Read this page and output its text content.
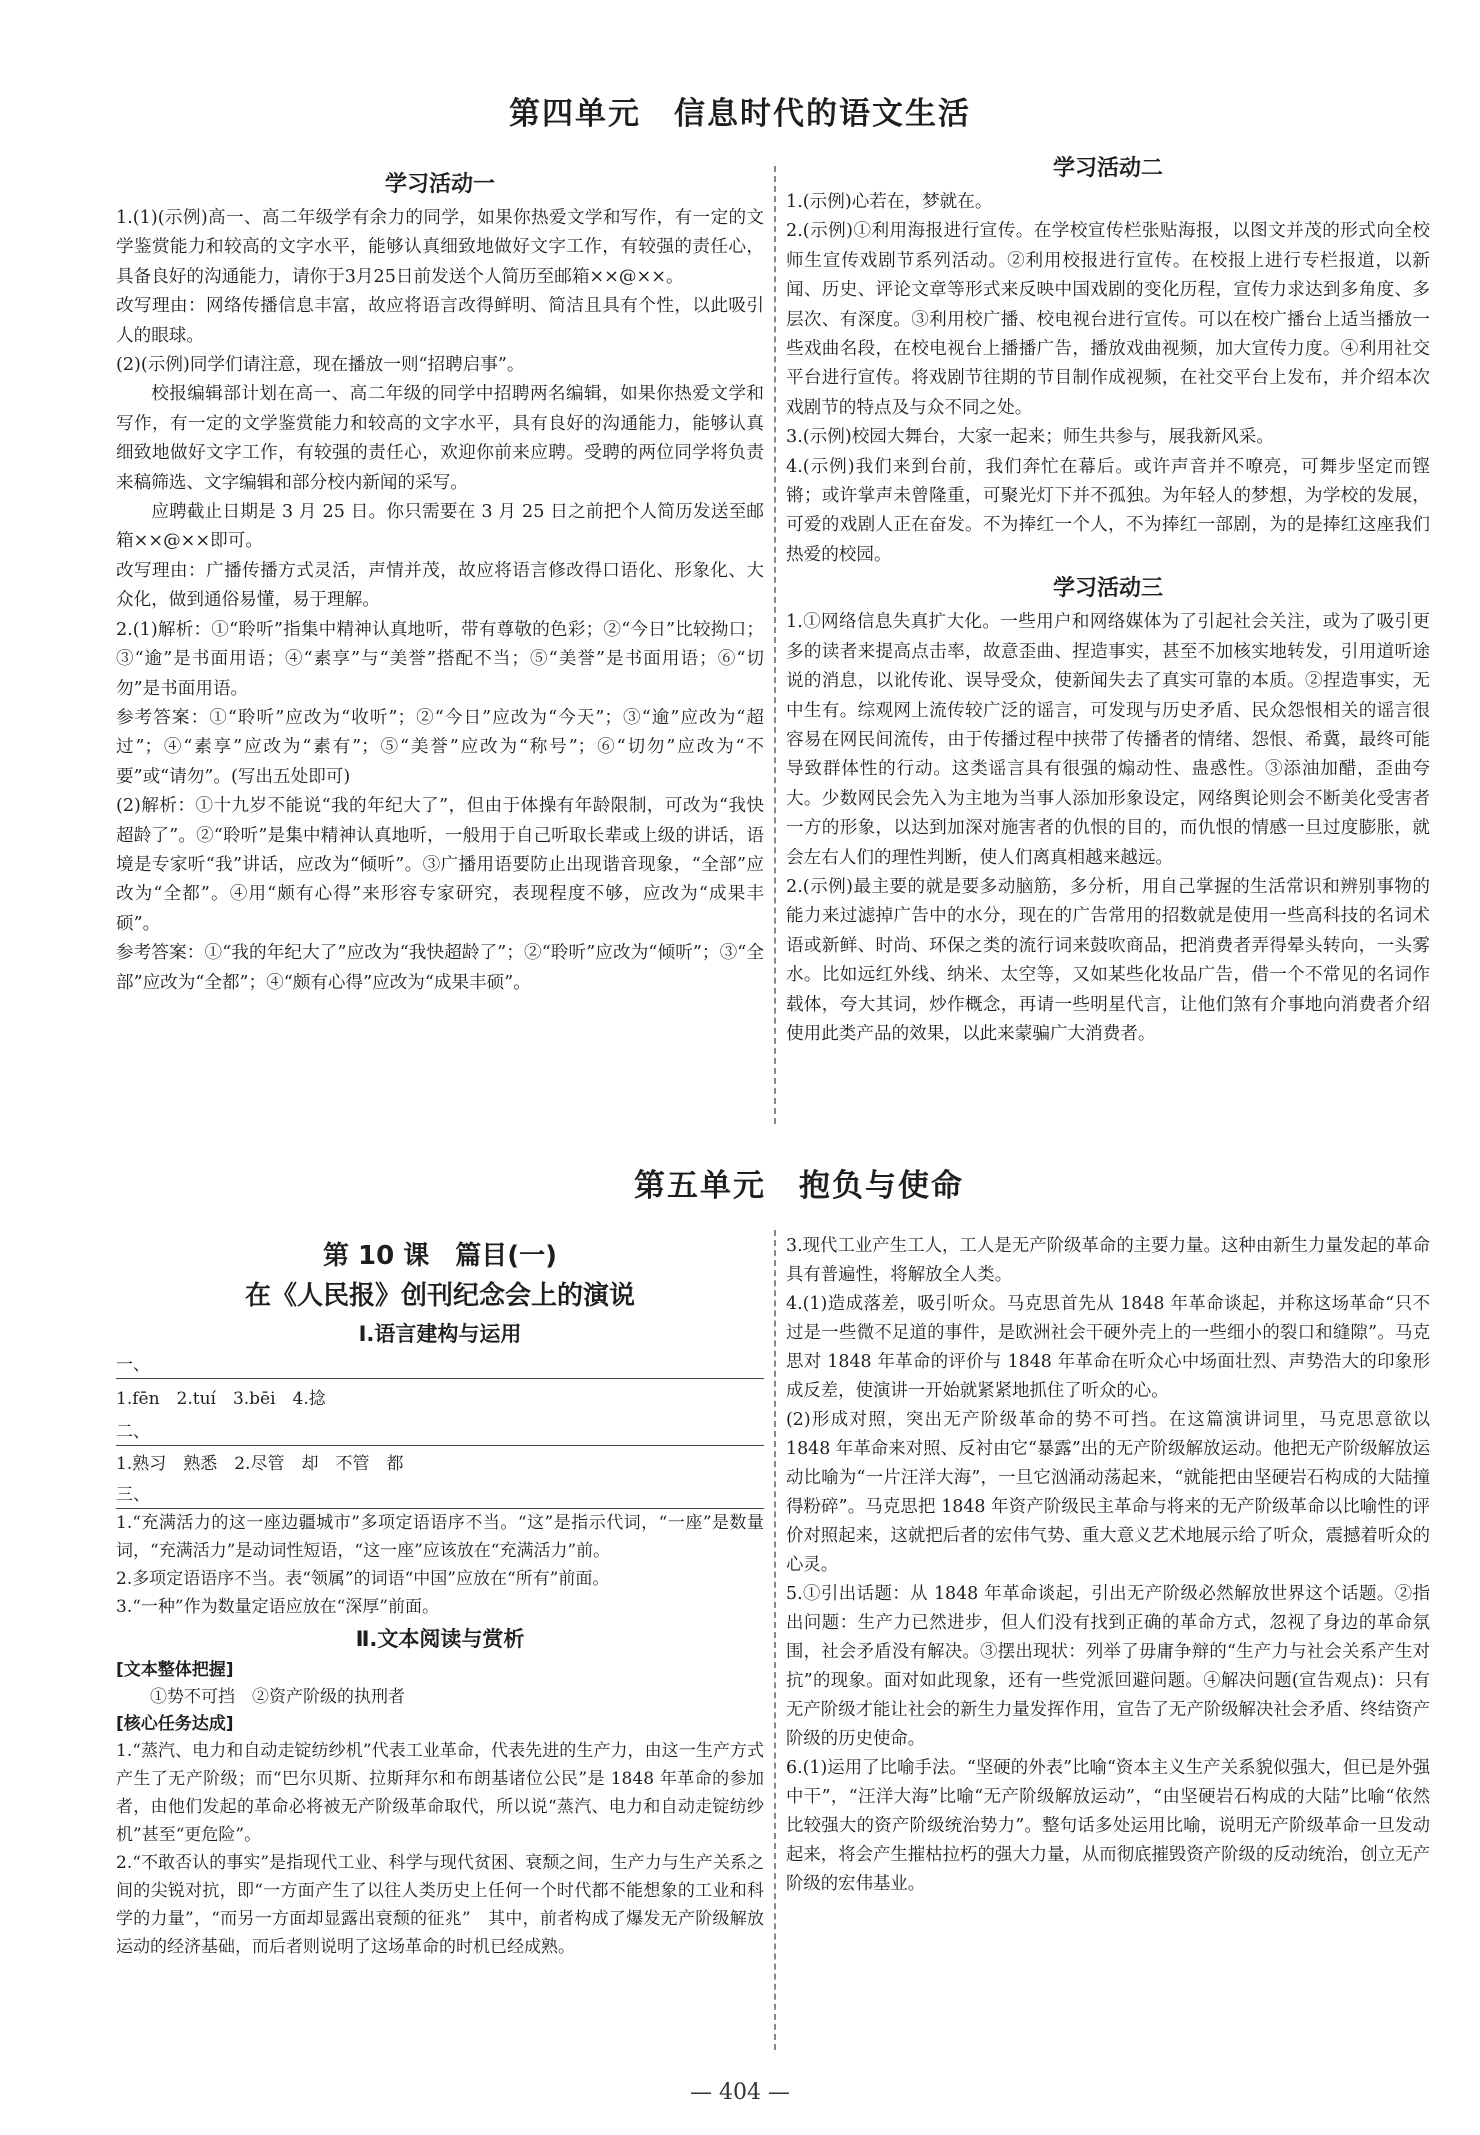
第四单元　信息时代的语文生活
学习活动一

1.(1)(示例)高一、高二年级学有余力的同学，如果你热爱文学和写作，有一定的文学鉴赏能力和较高的文字水平，能够认真细致地做好文字工作，有较强的责任心，具备良好的沟通能力，请你于3月25日前发送个人简历至邮箱××@××。

改写理由：网络传播信息丰富，故应将语言改得鲜明、简洁且具有个性，以此吸引人的眼球。

(2)(示例)同学们请注意，现在播放一则“招聘启事”。

校报编辑部计划在高一、高二年级的同学中招聘两名编辑，如果你热爱文学和写作，有一定的文学鉴赏能力和较高的文字水平，具有良好的沟通能力，能够认真细致地做好文字工作，有较强的责任心，欢迎你前来应聘。受聘的两位同学将负责来稿筛选、文字编辑和部分校内新闻的采写。

应聘截止日期是 3 月 25 日。你只需要在 3 月 25 日之前把个人简历发送至邮箱××@××即可。

改写理由：广播传播方式灵活，声情并茂，故应将语言修改得口语化、形象化、大众化，做到通俗易懂，易于理解。

2.(1)解析：①“聆听”指集中精神认真地听，带有尊敬的色彩；②“今日”比较拗口；③“逾”是书面用语；④“素享”与“美誉”搭配不当；⑤“美誉”是书面用语；⑥“切勿”是书面用语。

参考答案：①“聆听”应改为“收听”；②“今日”应改为“今天”；③“逾”应改为“超过”；④“素享”应改为“素有”；⑤“美誉”应改为“称号”；⑥“切勿”应改为“不要”或“请勿”。(写出五处即可)

(2)解析：①十九岁不能说“我的年纪大了”，但由于体操有年龄限制，可改为“我快超龄了”。②“聆听”是集中精神认真地听，一般用于自己听取长辈或上级的讲话，语境是专家听“我”讲话，应改为“倾听”。③广播用语要防止出现谐音现象，“全部”应改为“全都”。④用“颇有心得”来形容专家研究，表现程度不够，应改为“成果丰硕”。

参考答案：①“我的年纪大了”应改为“我快超龄了”；②“聆听”应改为“倾听”；③“全部”应改为“全都”；④“颇有心得”应改为“成果丰硕”。

学习活动二

1.(示例)心若在，梦就在。

2.(示例)①利用海报进行宣传。在学校宣传栏张贴海报，以图文并茂的形式向全校师生宣传戏剧节系列活动。②利用校报进行宣传。在校报上进行专栏报道，以新闻、历史、评论文章等形式来反映中国戏剧的变化历程，宣传力求达到多角度、多层次、有深度。③利用校广播、校电视台进行宣传。可以在校广播台上适当播放一些戏曲名段，在校电视台上播播广告，播放戏曲视频，加大宣传力度。④利用社交平台进行宣传。将戏剧节往期的节目制作成视频，在社交平台上发布，并介绍本次戏剧节的特点及与众不同之处。

3.(示例)校园大舞台，大家一起来；师生共参与，展我新风采。

4.(示例)我们来到台前，我们奔忙在幕后。或许声音并不嘹亮，可舞步坚定而铿锵；或许掌声未曾隆重，可聚光灯下并不孤独。为年轻人的梦想，为学校的发展，可爱的戏剧人正在奋发。不为捧红一个人，不为捧红一部剧，为的是捧红这座我们热爱的校园。

学习活动三

1.①网络信息失真扩大化。一些用户和网络媒体为了引起社会关注，或为了吸引更多的读者来提高点击率，故意歪曲、捏造事实，甚至不加核实地转发，引用道听途说的消息，以讹传讹、误导受众，使新闻失去了真实可靠的本质。②捏造事实，无中生有。综观网上流传较广泛的谣言，可发现与历史矛盾、民众怨恨相关的谣言很容易在网民间流传，由于传播过程中挟带了传播者的情绪、怨恨、希冀，最终可能导致群体性的行动。这类谣言具有很强的煽动性、蛊惑性。③添油加醋，歪曲夸大。少数网民会先入为主地为当事人添加形象设定，网络舆论则会不断美化受害者一方的形象，以达到加深对施害者的仇恨的目的，而仇恨的情感一旦过度膨胀，就会左右人们的理性判断，使人们离真相越来越远。

2.(示例)最主要的就是要多动脑筋，多分析，用自己掌握的生活常识和辨别事物的能力来过滤掉广告中的水分，现在的广告常用的招数就是使用一些高科技的名词术语或新鲜、时尚、环保之类的流行词来鼓吹商品，把消费者弄得晕头转向，一头雾水。比如远红外线、纳米、太空等，又如某些化妆品广告，借一个不常见的名词作载体，夸大其词，炒作概念，再请一些明星代言，让他们煞有介事地向消费者介绍使用此类产品的效果，以此来蒙骗广大消费者。

第五单元　抱负与使命
第 10 课　篇目(一)
在《人民报》创刊纪念会上的演说
Ⅰ.语言建构与运用
一、

1.fēn　2.tuí　3.bēi　4.捻

二、

1.熟习　熟悉　2.尽管　却　不管　都

三、

1.“充满活力的这一座边疆城市”多项定语语序不当。“这”是指示代词，“一座”是数量词，“充满活力”是动词性短语，“这一座”应该放在“充满活力”前。

2.多项定语语序不当。表“领属”的词语“中国”应放在“所有”前面。

3.“一种”作为数量定语应放在“深厚”前面。

Ⅱ.文本阅读与赏析
[文本整体把握]

①势不可挡　②资产阶级的执刑者

[核心任务达成]

1.“蒸汽、电力和自动走锭纺纱机”代表工业革命，代表先进的生产力，由这一生产方式产生了无产阶级；而“巴尔贝斯、拉斯拜尔和布朗基诸位公民”是 1848 年革命的参加者，由他们发起的革命必将被无产阶级革命取代，所以说“蒸汽、电力和自动走锭纺纱机”甚至“更危险”。

2.“不敢否认的事实”是指现代工业、科学与现代贫困、衰颓之间，生产力与生产关系之间的尖锐对抗，即“一方面产生了以往人类历史上任何一个时代都不能想象的工业和科学的力量”，“而另一方面却显露出衰颓的征兆”　其中，前者构成了爆发无产阶级解放运动的经济基础，而后者则说明了这场革命的时机已经成熟。

3.现代工业产生工人，工人是无产阶级革命的主要力量。这种由新生力量发起的革命具有普遍性，将解放全人类。

4.(1)造成落差，吸引听众。马克思首先从 1848 年革命谈起，并称这场革命“只不过是一些微不足道的事件，是欧洲社会干硬外壳上的一些细小的裂口和缝隙”。马克思对 1848 年革命的评价与 1848 年革命在听众心中场面壮烈、声势浩大的印象形成反差，使演讲一开始就紧紧地抓住了听众的心。

(2)形成对照，突出无产阶级革命的势不可挡。在这篇演讲词里，马克思意欲以 1848 年革命来对照、反衬由它“暴露”出的无产阶级解放运动。他把无产阶级解放运动比喻为“一片汪洋大海”，一旦它汹涌动荡起来，“就能把由坚硬岩石构成的大陆撞得粉碎”。马克思把 1848 年资产阶级民主革命与将来的无产阶级革命以比喻性的评价对照起来，这就把后者的宏伟气势、重大意义艺术地展示给了听众，震撼着听众的心灵。

5.①引出话题：从 1848 年革命谈起，引出无产阶级必然解放世界这个话题。②指出问题：生产力已然进步，但人们没有找到正确的革命方式，忽视了身边的革命氛围，社会矛盾没有解决。③摆出现状：列举了毋庸争辩的“生产力与社会关系产生对抗”的现象。面对如此现象，还有一些党派回避问题。④解决问题(宣告观点)：只有无产阶级才能让社会的新生力量发挥作用，宣告了无产阶级解决社会矛盾、终结资产阶级的历史使命。

6.(1)运用了比喻手法。“坚硬的外表”比喻“资本主义生产关系貌似强大，但已是外强中干”，“汪洋大海”比喻“无产阶级解放运动”，“由坚硬岩石构成的大陆”比喻“依然比较强大的资产阶级统治势力”。整句话多处运用比喻，说明无产阶级革命一旦发动起来，将会产生摧枯拉朽的强大力量，从而彻底摧毁资产阶级的反动统治，创立无产阶级的宏伟基业。

— 404 —
